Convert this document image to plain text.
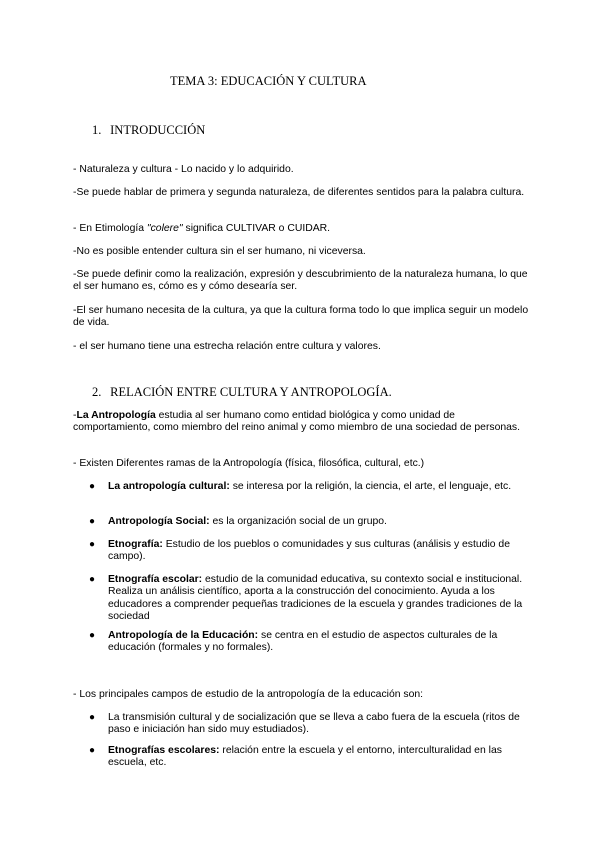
TEMA 3: EDUCACIÓN Y CULTURA
1. INTRODUCCIÓN
- Naturaleza y cultura - Lo nacido y lo adquirido.
-Se puede hablar de primera y segunda naturaleza, de diferentes sentidos para la palabra cultura.
- En Etimología "colere" significa CULTIVAR o CUIDAR.
-No es posible entender cultura sin el ser humano, ni viceversa.
-Se puede definir como la realización, expresión y descubrimiento de la naturaleza humana, lo que el ser humano es, cómo es y cómo desearía ser.
-El ser humano necesita de la cultura, ya que la cultura forma todo lo que implica seguir un modelo de vida.
- el ser humano tiene una estrecha relación entre cultura y valores.
2. RELACIÓN ENTRE CULTURA Y ANTROPOLOGÍA.
-La Antropología estudia al ser humano como entidad biológica y como unidad de comportamiento, como miembro del reino animal y como miembro de una sociedad de personas.
- Existen Diferentes ramas de la Antropología (física, filosófica, cultural, etc.)
● La antropología cultural: se interesa por la religión, la ciencia, el arte, el lenguaje, etc.
● Antropología Social: es la organización social de un grupo.
● Etnografía: Estudio de los pueblos o comunidades y sus culturas (análisis y estudio de campo).
● Etnografía escolar: estudio de la comunidad educativa, su contexto social e institucional. Realiza un análisis científico, aporta a la construcción del conocimiento. Ayuda a los educadores a comprender pequeñas tradiciones de la escuela y grandes tradiciones de la sociedad
● Antropología de la Educación: se centra en el estudio de aspectos culturales de la educación (formales y no formales).
- Los principales campos de estudio de la antropología de la educación son:
● La transmisión cultural y de socialización que se lleva a cabo fuera de la escuela (ritos de paso e iniciación han sido muy estudiados).
● Etnografías escolares: relación entre la escuela y el entorno, interculturalidad en las escuela, etc.
